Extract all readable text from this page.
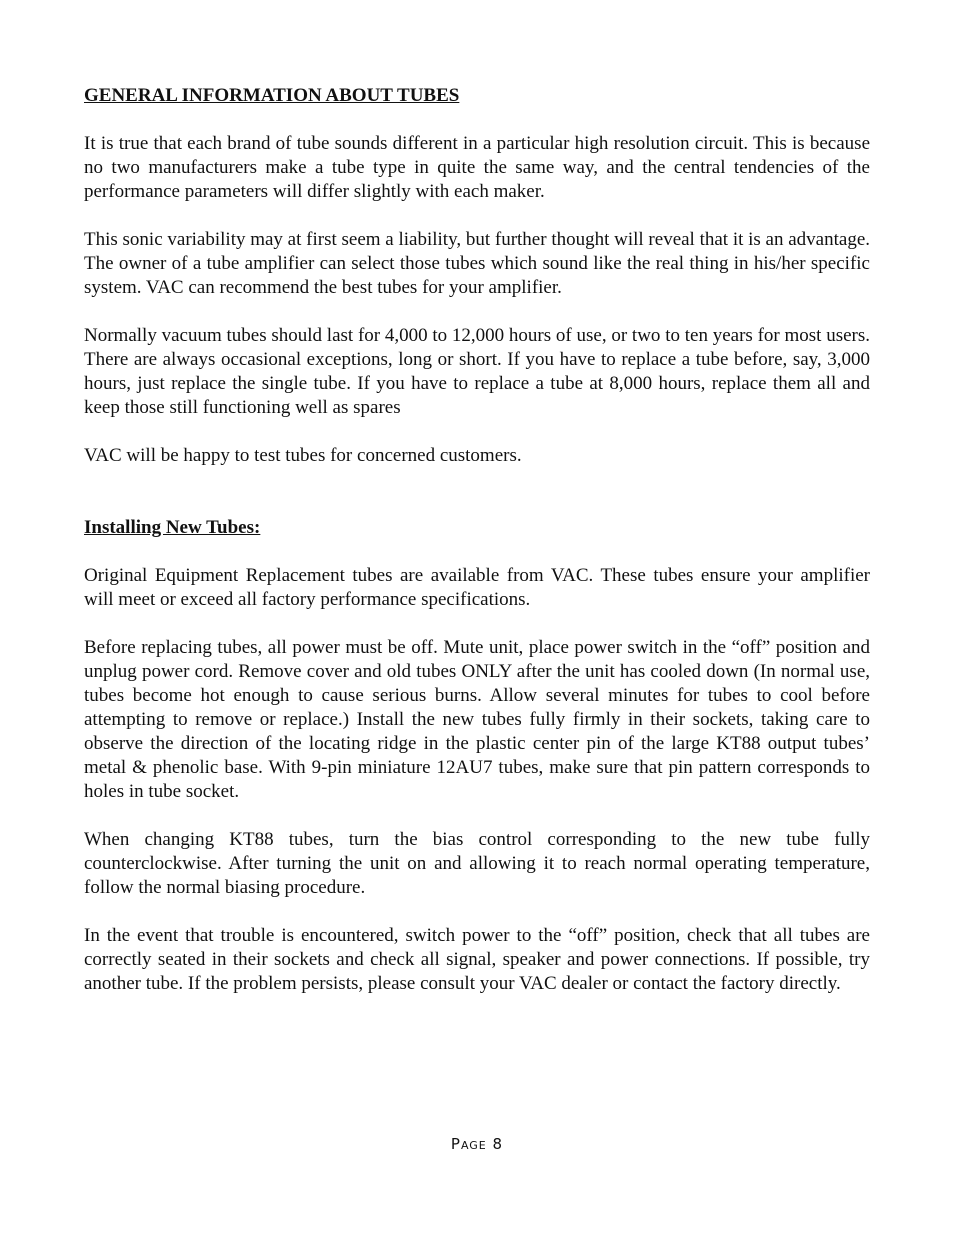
GENERAL INFORMATION ABOUT TUBES

It is true that each brand of tube sounds different in a particular high resolution circuit. This is because no two manufacturers make a tube type in quite the same way, and the central tendencies of the performance parameters will differ slightly with each maker.

This sonic variability may at first seem a liability, but further thought will reveal that it is an advantage. The owner of a tube amplifier can select those tubes which sound like the real thing in his/her specific system. VAC can recommend the best tubes for your amplifier.

Normally vacuum tubes should last for 4,000 to 12,000 hours of use, or two to ten years for most users. There are always occasional exceptions, long or short. If you have to replace a tube before, say, 3,000 hours, just replace the single tube. If you have to replace a tube at 8,000 hours, replace them all and keep those still functioning well as spares

VAC will be happy to test tubes for concerned customers.

Installing New Tubes:

Original Equipment Replacement tubes are available from VAC. These tubes ensure your amplifier will meet or exceed all factory performance specifications.

Before replacing tubes, all power must be off. Mute unit, place power switch in the “off” position and unplug power cord. Remove cover and old tubes ONLY after the unit has cooled down (In normal use, tubes become hot enough to cause serious burns. Allow several minutes for tubes to cool before attempting to remove or replace.) Install the new tubes fully firmly in their sockets, taking care to observe the direction of the locating ridge in the plastic center pin of the large KT88 output tubes’ metal & phenolic base. With 9-pin miniature 12AU7 tubes, make sure that pin pattern corresponds to holes in tube socket.

When changing KT88 tubes, turn the bias control corresponding to the new tube fully counterclockwise. After turning the unit on and allowing it to reach normal operating temperature, follow the normal biasing procedure.

In the event that trouble is encountered, switch power to the “off” position, check that all tubes are correctly seated in their sockets and check all signal, speaker and power connections. If possible, try another tube. If the problem persists, please consult your VAC dealer or contact the factory directly.

Page 8
